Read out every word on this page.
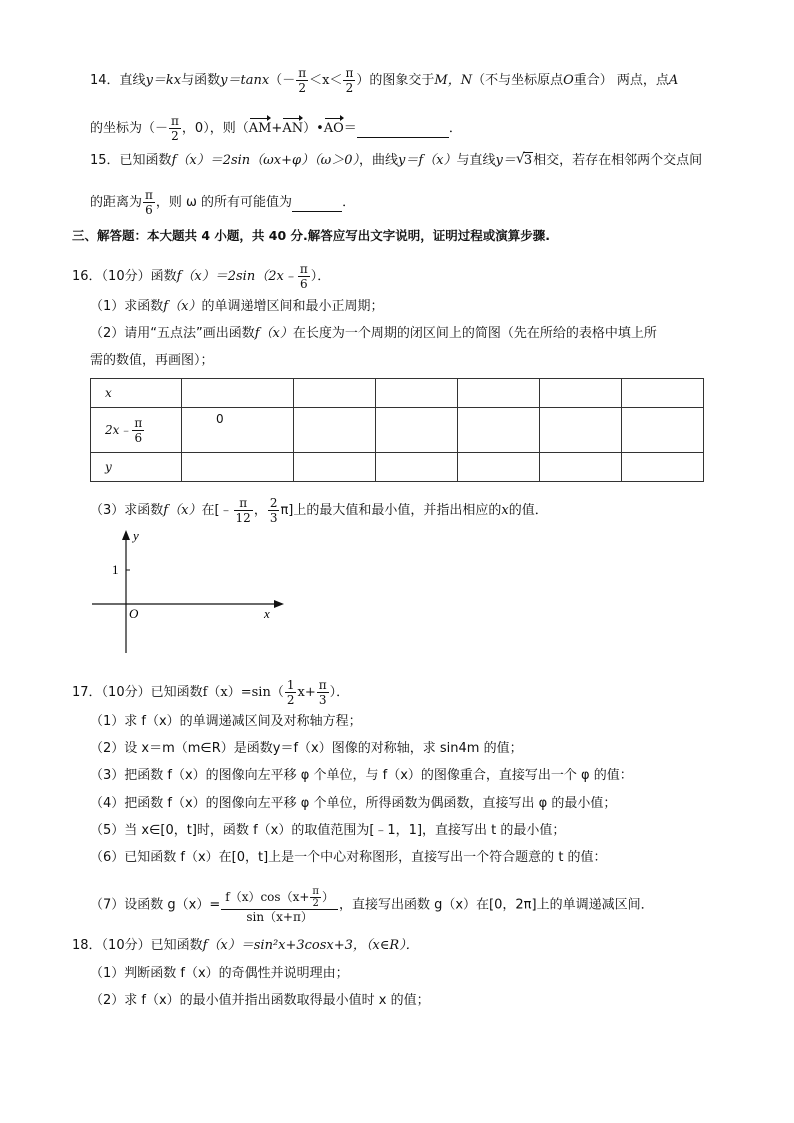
14．直线y＝kx与函数$y=\tan x(- \frac{\pi}{2} <x< \frac{\pi}{2}$ ）的图象交于M，N（不与坐标原点O重合） 两点，点A
的坐标为（－ $\frac{\pi}{2}$ ，0），则（AM+AN）•AO＝	．
15．已知函数f（x）＝2sin（ωx+φ）（ω＞0），曲线y＝f（x）与直线y＝ √ 3相交，若存在相邻两个交点间
的距离为 $\frac{\pi}{6}$ ，则 ω 的所有可能值为	．
三、解答题：本大题共 4 小题，共 40 分.解答应写出文字说明，证明过程或演算步骤.
16．（10分）函数f（x）＝2sin（2x﹣ $\frac{\pi}{6}$ ）．
（1）求函数f（x）的单调递增区间和最小正周期；
（2）请用“五点法”画出函数f（x）在长度为一个周期的闭区间上的简图（先在所给的表格中填上所
需的数值，再画图）；
x						
2x﹣ $\frac{\pi}{6}$	0					
y						
（3）求函数f（x）在[﹣ $\frac{\pi}{12}$ ， $\frac{2}{3} \pi$]上的最大值和最小值，并指出相应的x的值．
y
1
O	x
17．（10分）已知函数$f(x)=\sin( \frac{1}{2} x+ \frac{\pi}{3}$ ）．
（1）求 f（x）的单调递减区间及对称轴方程；
（2）设 x＝m（m∈R）是函数y＝f（x）图像的对称轴，求 sin4m 的值；
（3）把函数 f（x）的图像向左平移 φ 个单位，与 f（x）的图像重合，直接写出一个 φ 的值：
（4）把函数 f（x）的图像向左平移 φ 个单位，所得函数为偶函数，直接写出 φ 的最小值；
（5）当 x∈[0，t]时，函数 f（x）的取值范围为[﹣1，1]，直接写出 t 的最小值；
（6）已知函数 f（x）在[0，t]上是一个中心对称图形，直接写出一个符合题意的 t 的值：
（7）设函数 $g(x)= \frac{f(x)\cos(x+ \frac{\pi}{2} )}{\sin(x+\pi)}$ ，直接写出函数 g（x）在[0，2π]上的单调递减区间．
18．（10分）已知函数f（x）＝sin²x+3cosx+3，（x∈R）．
（1）判断函数 f（x）的奇偶性并说明理由；
（2）求 f（x）的最小值并指出函数取得最小值时 x 的值；
